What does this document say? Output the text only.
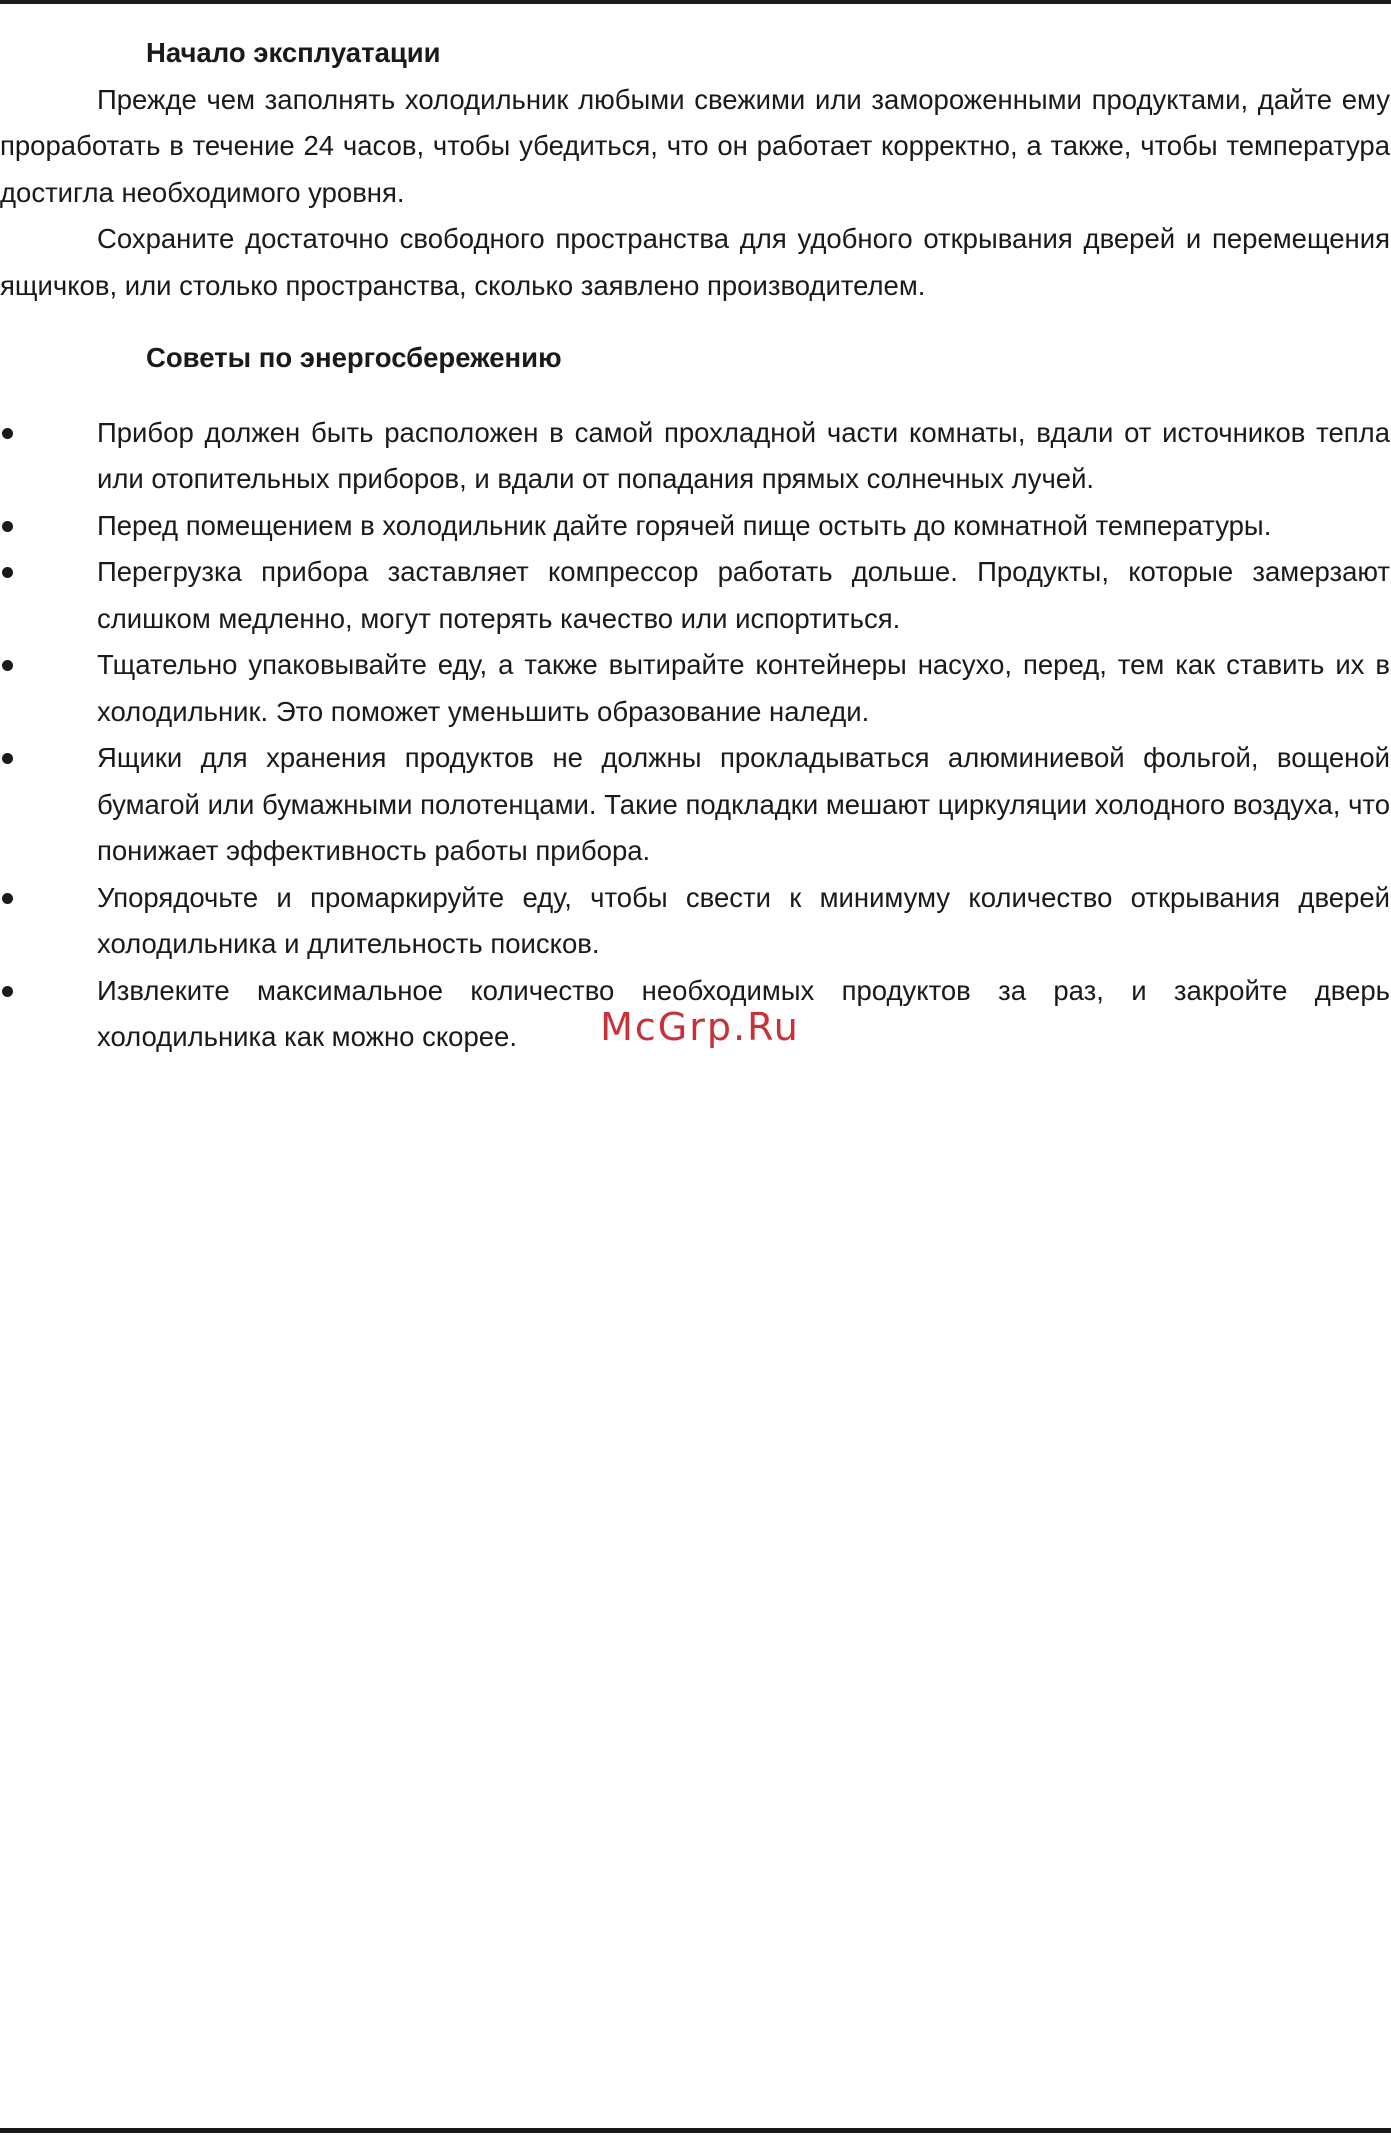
Начало эксплуатации

Прежде чем заполнять холодильник любыми свежими или замороженными продуктами, дайте ему проработать в течение 24 часов, чтобы убедиться, что он работает корректно, а также, чтобы температура достигла необходимого уровня.

Сохраните достаточно свободного пространства для удобного открывания дверей и перемещения ящичков, или столько пространства, сколько заявлено производителем.

Советы по энергосбережению
Прибор должен быть расположен в самой прохладной части комнаты, вдали от источников тепла или отопительных приборов, и вдали от попадания прямых солнечных лучей.
Перед помещением в холодильник дайте горячей пище остыть до комнатной температуры.
Перегрузка прибора заставляет компрессор работать дольше. Продукты, которые замерзают слишком медленно, могут потерять качество или испортиться.
Тщательно упаковывайте еду, а также вытирайте контейнеры насухо, перед, тем как ставить их в холодильник. Это поможет уменьшить образование наледи.
Ящики для хранения продуктов не должны прокладываться алюминиевой фольгой, вощеной бумагой или бумажными полотенцами. Такие подкладки мешают циркуляции холодного воздуха, что понижает эффективность работы прибора.
Упорядочьте и промаркируйте еду, чтобы свести к минимуму количество открывания дверей холодильника и длительность поисков.
Извлеките максимальное количество необходимых продуктов за раз, и закройте дверь холодильника как можно скорее.	McGrp.Ru
